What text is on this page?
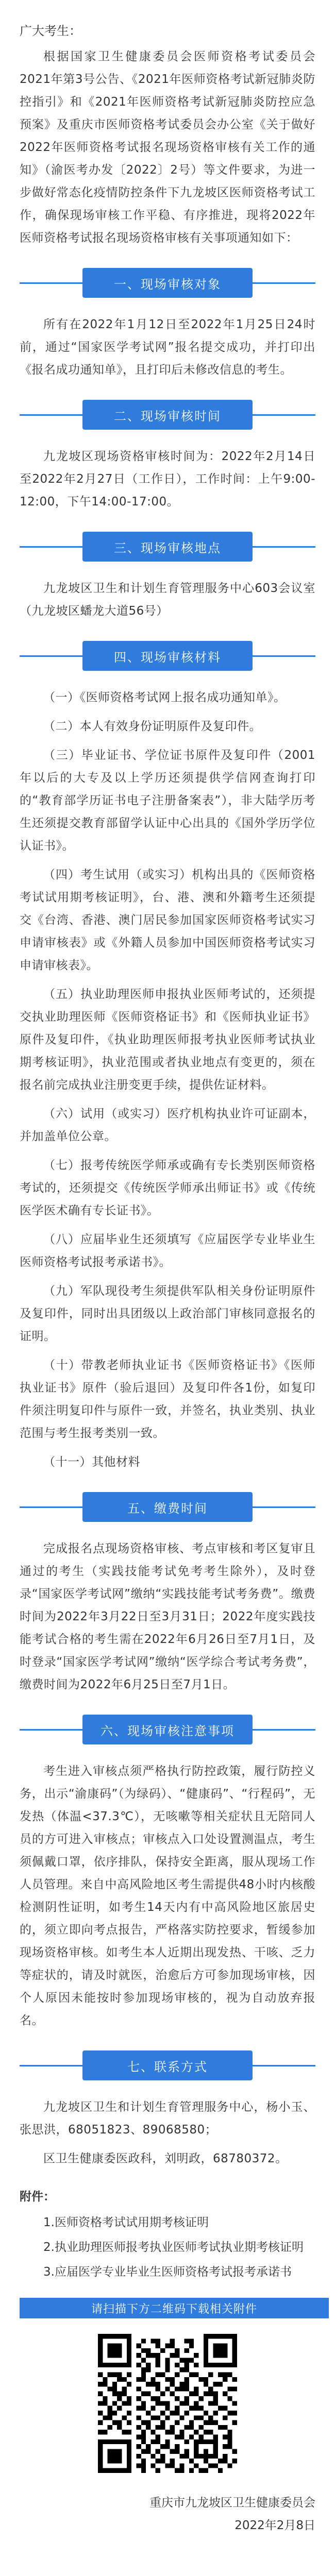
广大考生：

根据国家卫生健康委员会医师资格考试委员会2021年第3号公告、《2021年医师资格考试新冠肺炎防控指引》和《2021年医师资格考试新冠肺炎防控应急预案》及重庆市医师资格考试委员会办公室《关于做好2022年医师资格考试报名现场资格审核有关工作的通知》（渝医考办发〔2022〕2号）等文件要求，为进一步做好常态化疫情防控条件下九龙坡区医师资格考试工作，确保现场审核工作平稳、有序推进，现将2022年医师资格考试报名现场资格审核有关事项通知如下：

一、现场审核对象

所有在2022年1月12日至2022年1月25日24时前，通过“国家医学考试网”报名提交成功，并打印出《报名成功通知单》，且打印后未修改信息的考生。

二、现场审核时间

九龙坡区现场资格审核时间为：2022年2月14日至2022年2月27日（工作日），工作时间：上午9:00-12:00，下午14:00-17:00。

三、现场审核地点

九龙坡区卫生和计划生育管理服务中心603会议室（九龙坡区蟠龙大道56号）

四、现场审核材料

（一）《医师资格考试网上报名成功通知单》。

（二）本人有效身份证明原件及复印件。

（三）毕业证书、学位证书原件及复印件（2001年以后的大专及以上学历还须提供学信网查询打印的“教育部学历证书电子注册备案表”），非大陆学历考生还须提交教育部留学认证中心出具的《国外学历学位认证书》。

（四）考生试用（或实习）机构出具的《医师资格考试试用期考核证明》，台、港、澳和外籍考生还须提交《台湾、香港、澳门居民参加国家医师资格考试实习申请审核表》或《外籍人员参加中国医师资格考试实习申请审核表》。

（五）执业助理医师申报执业医师考试的，还须提交执业助理医师《医师资格证书》和《医师执业证书》原件及复印件，《执业助理医师报考执业医师考试执业期考核证明》，执业范围或者执业地点有变更的，须在报名前完成执业注册变更手续，提供佐证材料。

（六）试用（或实习）医疗机构执业许可证副本，并加盖单位公章。

（七）报考传统医学师承或确有专长类别医师资格考试的，还须提交《传统医学师承出师证书》或《传统医学医术确有专长证书》。

（八）应届毕业生还须填写《应届医学专业毕业生医师资格考试报考承诺书》。

（九）军队现役考生须提供军队相关身份证明原件及复印件，同时出具团级以上政治部门审核同意报名的证明。

（十）带教老师执业证书《医师资格证书》《医师执业证书》原件（验后退回）及复印件各1份，如复印件须注明复印件与原件一致，并签名，执业类别、执业范围与考生报考类别一致。

（十一）其他材料

五、缴费时间

完成报名点现场资格审核、考点审核和考区复审且通过的考生（实践技能考试免考考生除外），及时登录“国家医学考试网”缴纳“实践技能考试考务费”。缴费时间为2022年3月22日至3月31日；2022年度实践技能考试合格的考生需在2022年6月26日至7月1日，及时登录“国家医学考试网”缴纳“医学综合考试考务费”，缴费时间为2022年6月25日至7月1日。

六、现场审核注意事项

考生进入审核点须严格执行防控政策，履行防控义务，出示“渝康码”（为绿码）、“健康码”、“行程码”，无发热（体温<37.3℃），无咳嗽等相关症状且无陪同人员的方可进入审核点；审核点入口处设置测温点，考生须佩戴口罩，依序排队，保持安全距离，服从现场工作人员管理。来自中高风险地区考生需提供48小时内核酸检测阴性证明，如考生14天内有中高风险地区旅居史的，须立即向考点报告，严格落实防控要求，暂缓参加现场资格审核。如考生本人近期出现发热、干咳、乏力等症状的，请及时就医，治愈后方可参加现场审核，因个人原因未能按时参加现场审核的，视为自动放弃报名。

七、联系方式

九龙坡区卫生和计划生育管理服务中心，杨小玉、张思洪，68051823、89068580；

区卫生健康委医政科，刘明政，68780372。

附件：
1.医师资格考试试用期考核证明
2.执业助理医师报考执业医师考试执业期考核证明
3.应届医学专业毕业生医师资格考试报考承诺书
请扫描下方二维码下载相关附件
重庆市九龙坡区卫生健康委员会
2022年2月8日
